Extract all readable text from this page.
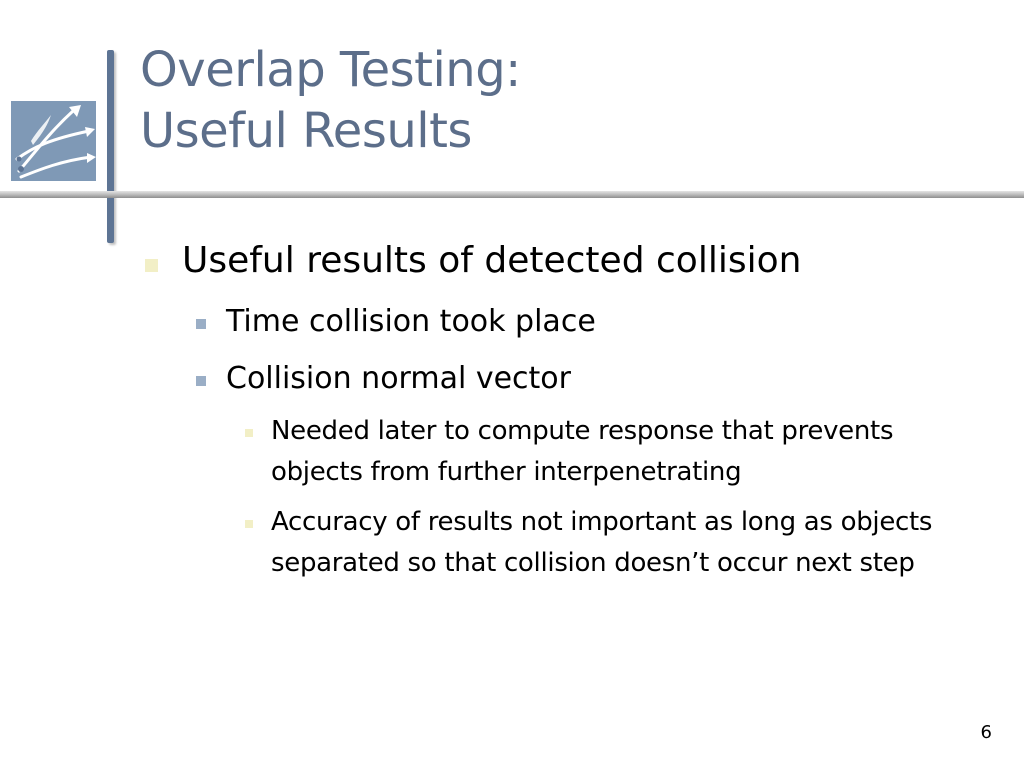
Overlap Testing:
Useful Results
Useful results of detected collision
Time collision took place
Collision normal vector
Needed later to compute response that prevents objects from further interpenetrating
Accuracy of results not important as long as objects separated so that collision doesn’t occur next step
6
